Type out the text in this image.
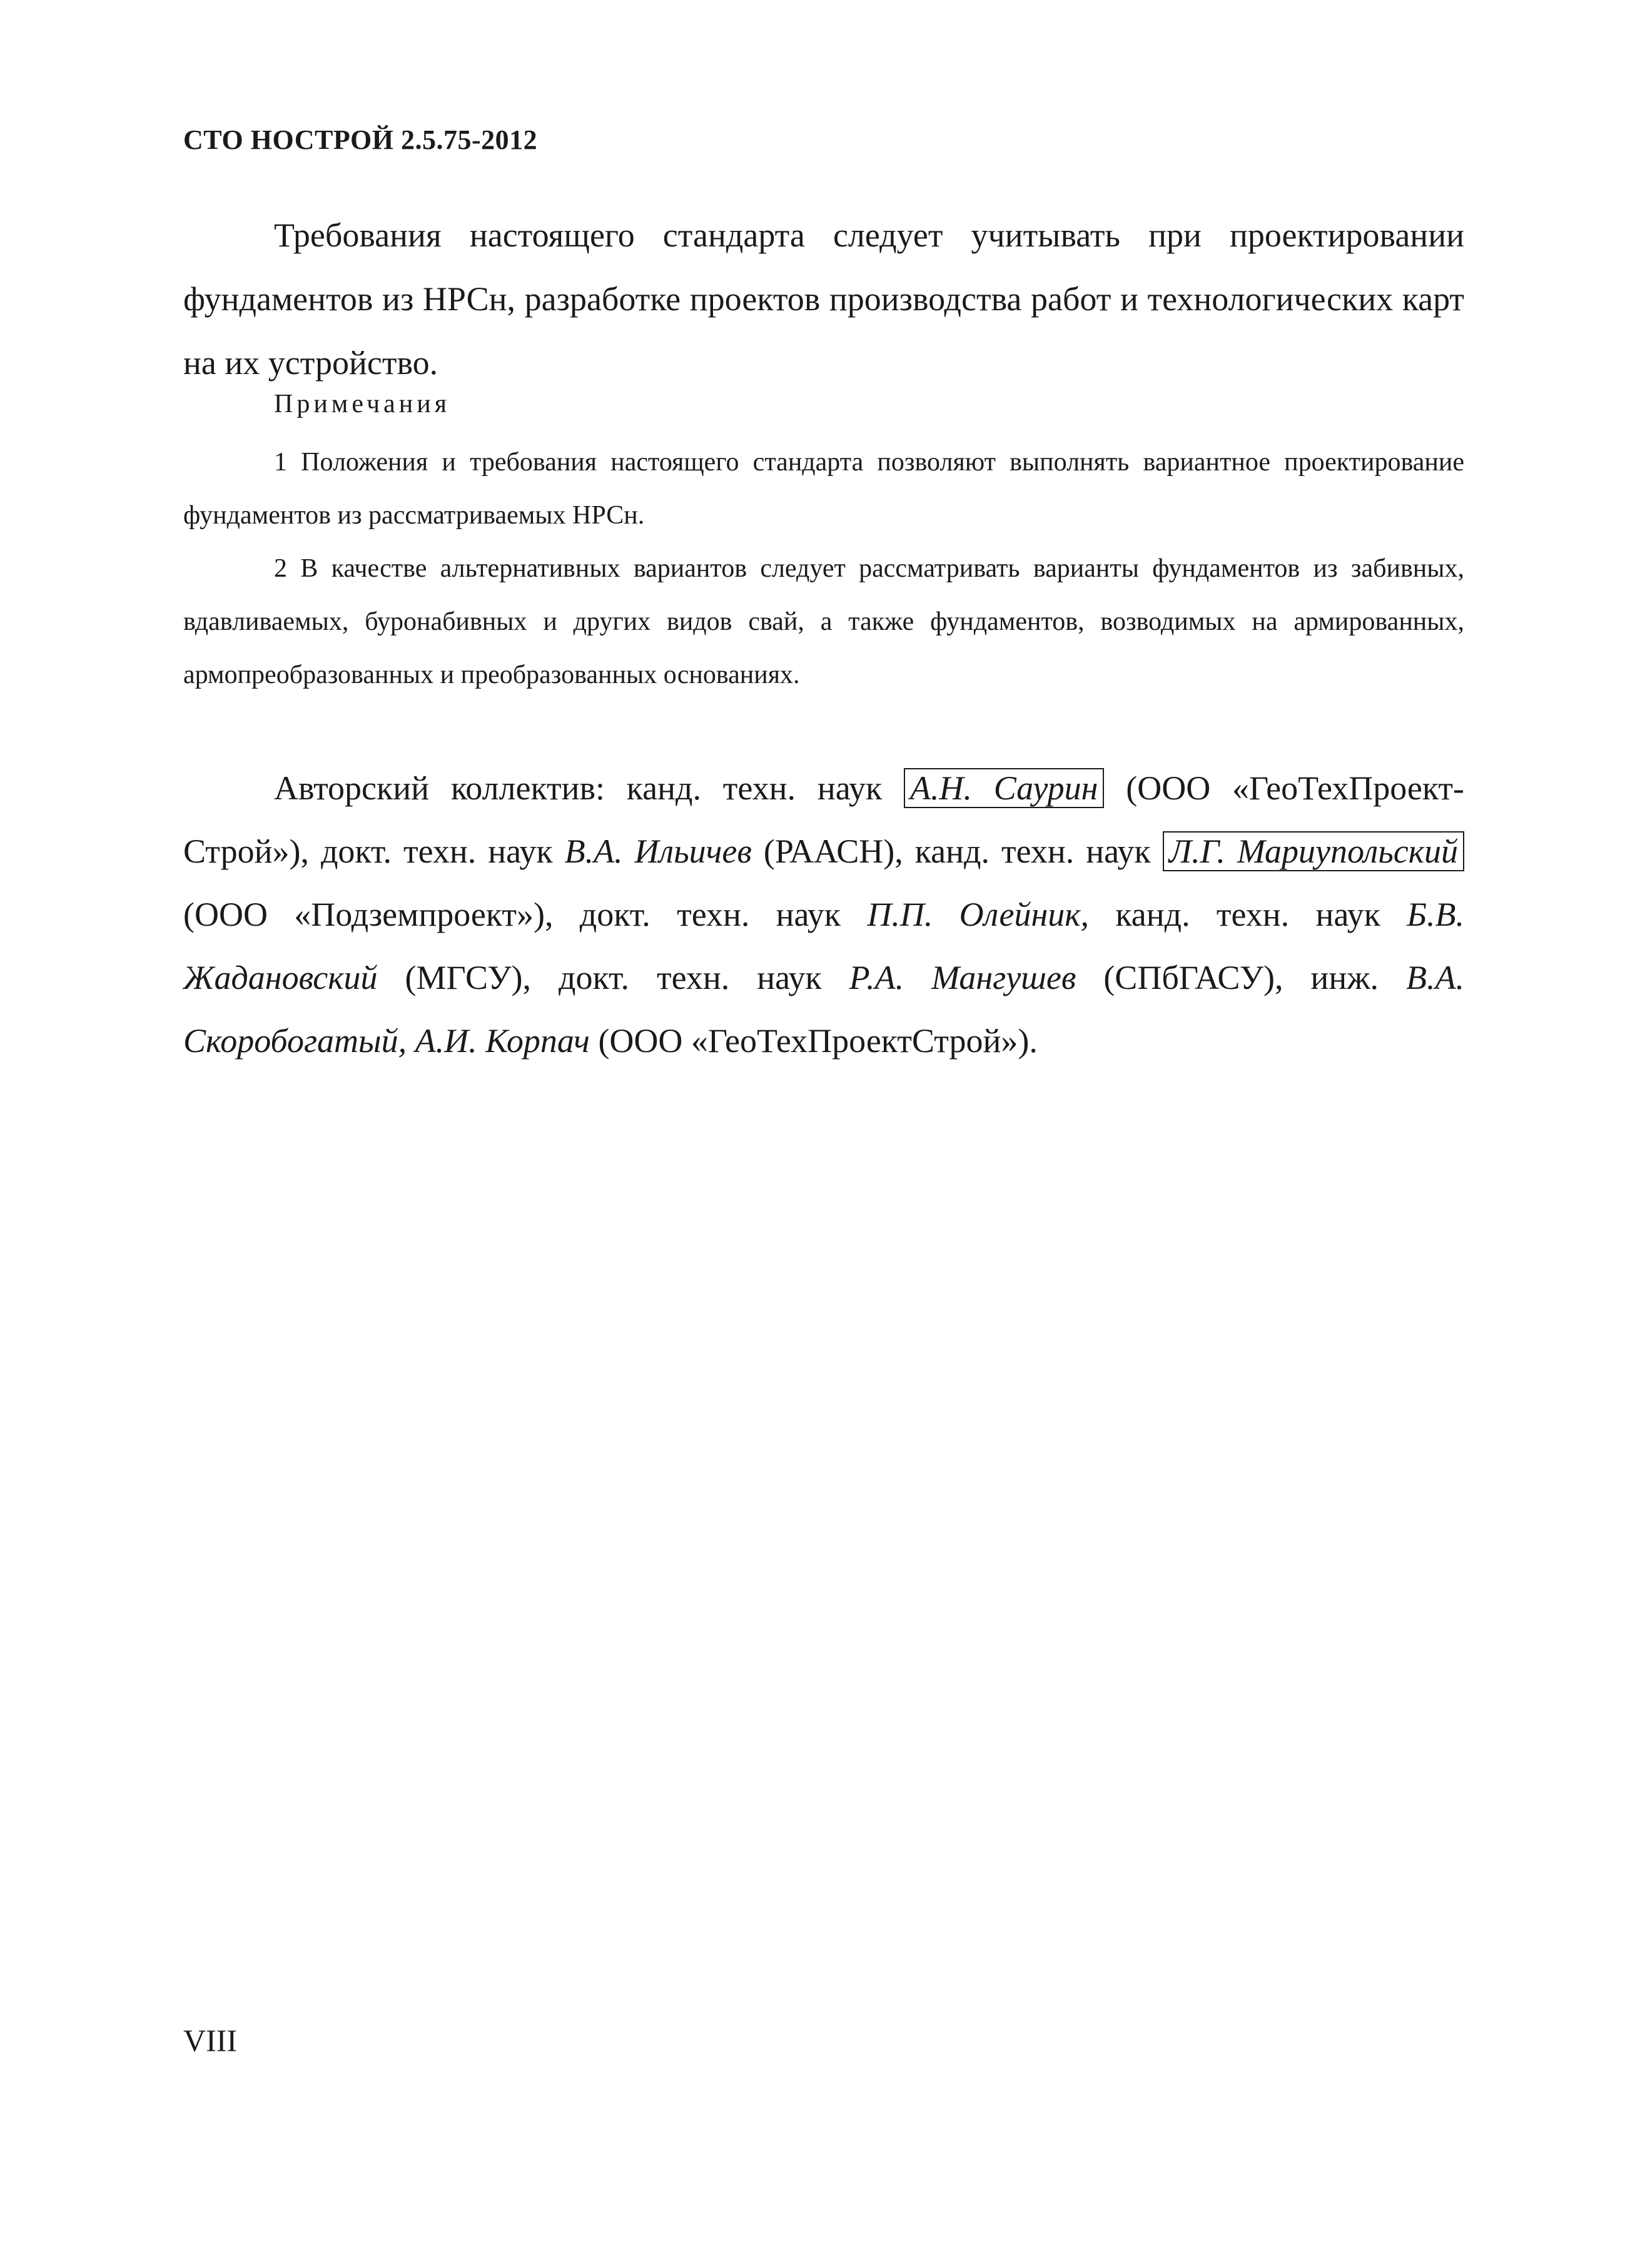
СТО НОСТРОЙ 2.5.75-2012

Требования настоящего стандарта следует учитывать при проектировании фундаментов из НРСн, разработке проектов производства работ и технологических карт на их устройство.

Примечания

1 Положения и требования настоящего стандарта позволяют выполнять вариантное проектирование фундаментов из рассматриваемых НРСн.

2 В качестве альтернативных вариантов следует рассматривать варианты фундаментов из забивных, вдавливаемых, буронабивных и других видов свай, а также фундаментов, возводимых на армированных, армопреобразованных и преобразованных основаниях.

Авторский коллектив: канд. техн. наук А.Н. Саурин (ООО «ГеоТехПроект-Строй»), докт. техн. наук В.А. Ильичев (РААСН), канд. техн. наук Л.Г. Мариупольский (ООО «Подземпроект»), докт. техн. наук П.П. Олейник, канд. техн. наук Б.В. Жадановский (МГСУ), докт. техн. наук Р.А. Мангушев (СПбГАСУ), инж. В.А. Скоробогатый, А.И. Корпач (ООО «ГеоТехПроектСтрой»).

VIII
